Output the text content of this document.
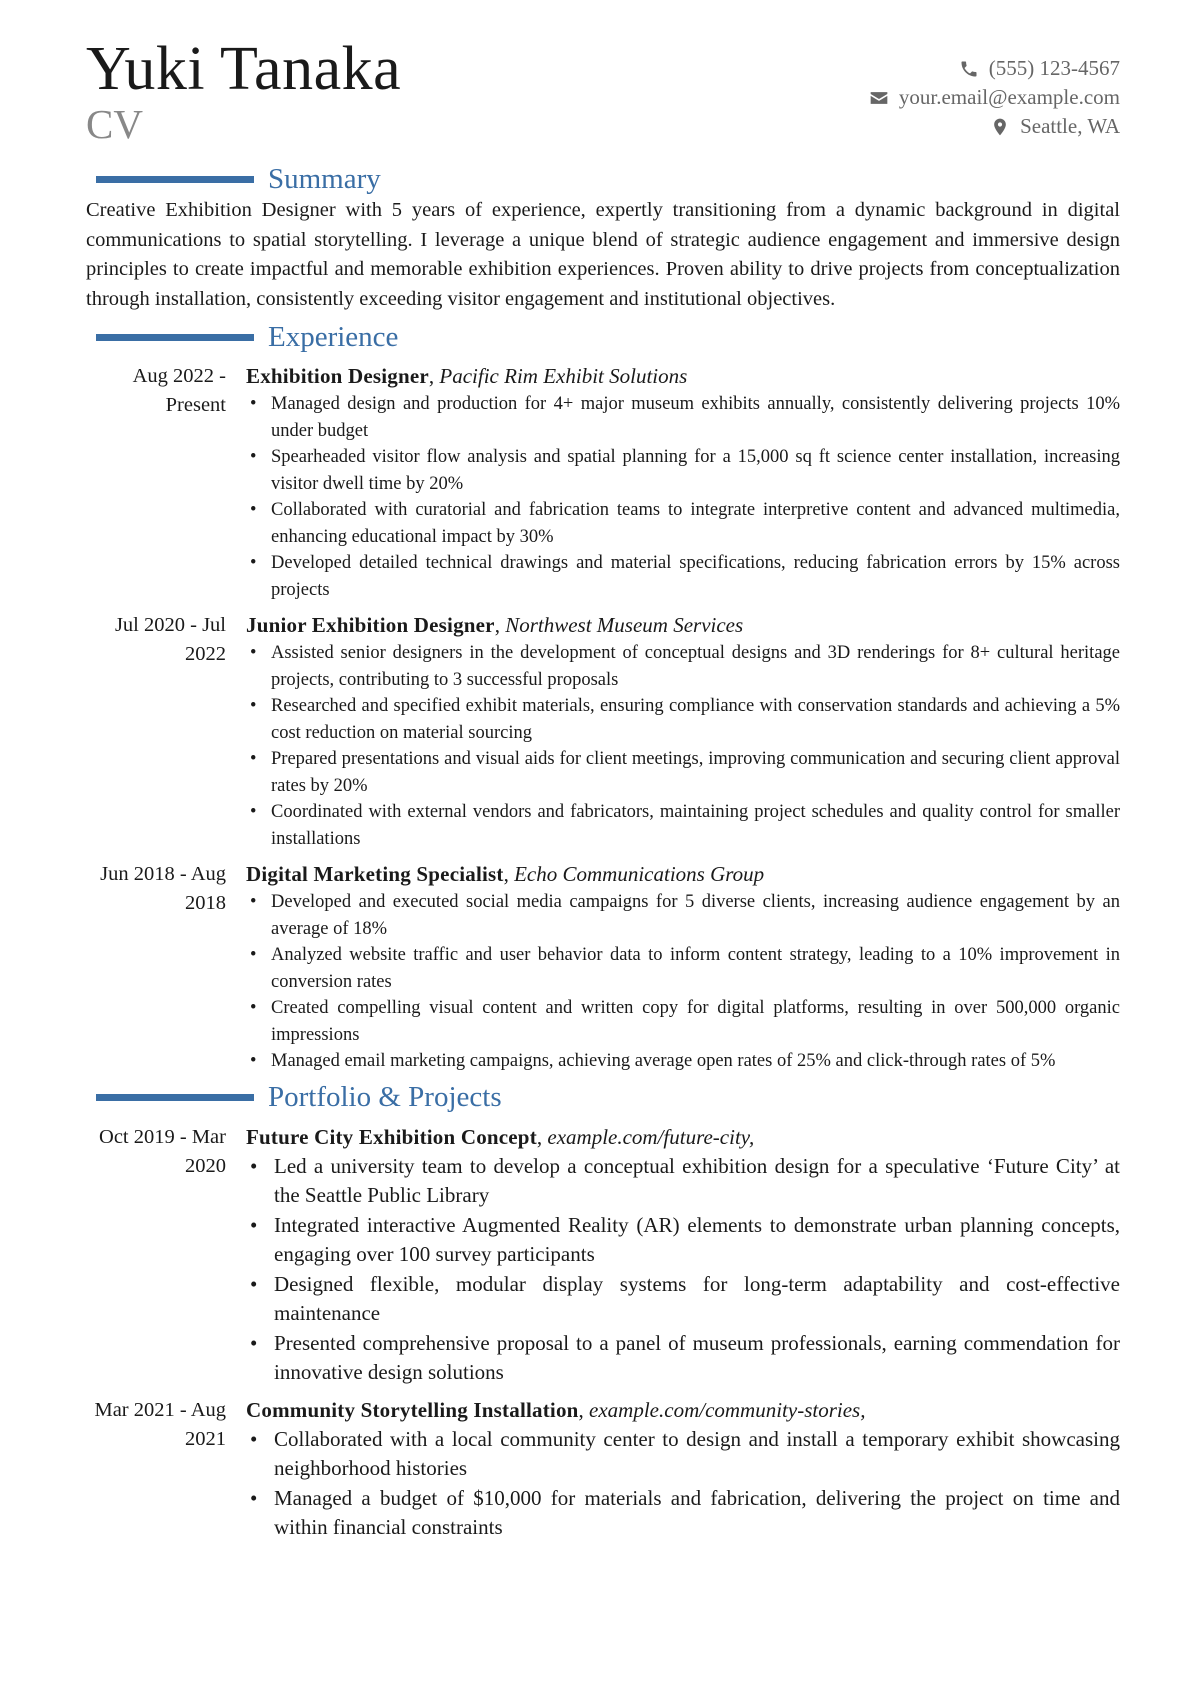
Yuki Tanaka
CV
(555) 123-4567
your.email@example.com
Seattle, WA
Summary

Creative Exhibition Designer with 5 years of experience, expertly transitioning from a dynamic background in digital communications to spatial storytelling. I leverage a unique blend of strategic audience engagement and immersive design principles to create impactful and memorable exhibition experiences. Proven ability to drive projects from conceptualization through installation, consistently exceeding visitor engagement and institutional objectives.

Experience
Aug 2022 - Present
Exhibition Designer, Pacific Rim Exhibit Solutions
• Managed design and production for 4+ major museum exhibits annually, consistently delivering projects 10% under budget
• Spearheaded visitor flow analysis and spatial planning for a 15,000 sq ft science center installation, increasing visitor dwell time by 20%
• Collaborated with curatorial and fabrication teams to integrate interpretive content and advanced multimedia, enhancing educational impact by 30%
• Developed detailed technical drawings and material specifications, reducing fabrication errors by 15% across projects
Jul 2020 - Jul 2022
Junior Exhibition Designer, Northwest Museum Services
• Assisted senior designers in the development of conceptual designs and 3D renderings for 8+ cultural heritage projects, contributing to 3 successful proposals
• Researched and specified exhibit materials, ensuring compliance with conservation standards and achieving a 5% cost reduction on material sourcing
• Prepared presentations and visual aids for client meetings, improving communication and securing client approval rates by 20%
• Coordinated with external vendors and fabricators, maintaining project schedules and quality control for smaller installations
Jun 2018 - Aug 2018
Digital Marketing Specialist, Echo Communications Group
• Developed and executed social media campaigns for 5 diverse clients, increasing audience engagement by an average of 18%
• Analyzed website traffic and user behavior data to inform content strategy, leading to a 10% improvement in conversion rates
• Created compelling visual content and written copy for digital platforms, resulting in over 500,000 organic impressions
• Managed email marketing campaigns, achieving average open rates of 25% and click-through rates of 5%
Portfolio & Projects
Oct 2019 - Mar 2020
Future City Exhibition Concept, example.com/future-city,
• Led a university team to develop a conceptual exhibition design for a speculative ‘Future City’ at the Seattle Public Library
• Integrated interactive Augmented Reality (AR) elements to demonstrate urban planning concepts, engaging over 100 survey participants
• Designed flexible, modular display systems for long-term adaptability and cost-effective maintenance
• Presented comprehensive proposal to a panel of museum professionals, earning commendation for innovative design solutions
Mar 2021 - Aug 2021
Community Storytelling Installation, example.com/community-stories,
• Collaborated with a local community center to design and install a temporary exhibit showcasing neighborhood histories
• Managed a budget of $10,000 for materials and fabrication, delivering the project on time and within financial constraints
